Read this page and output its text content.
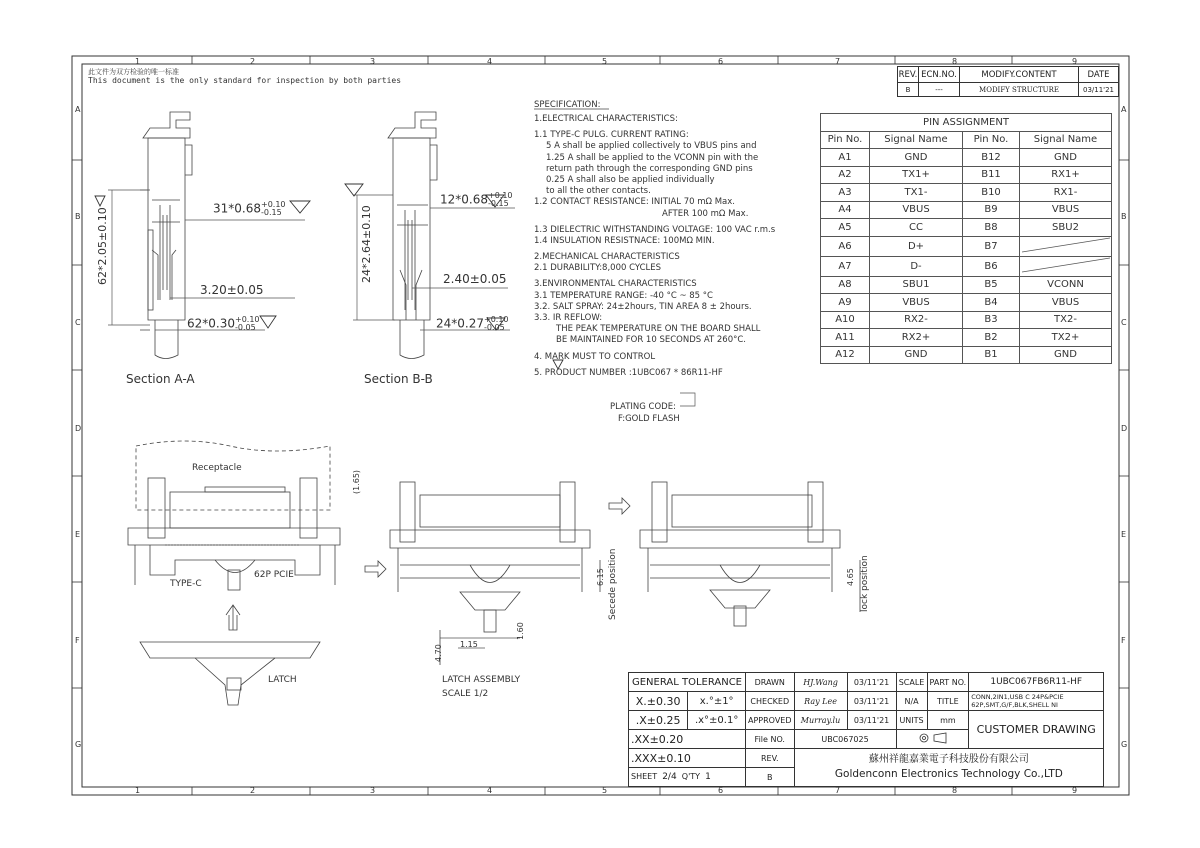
此文件为双方检验的唯一标准
This document is the only standard for inspection by both parties
REV.	ECN.NO.	MODIFY.CONTENT	DATE
B	---	MODIFY STRUCTURE	03/11'21
PIN ASSIGNMENT			
Pin No.	Signal Name	Pin No.	Signal Name
A1	GND	B12	GND
A2	TX1+	B11	RX1+
A3	TX1-	B10	RX1-
A4	VBUS	B9	VBUS
A5	CC	B8	SBU2
A6	D+	B7	
A7	D-	B6	
A8	SBU1	B5	VCONN
A9	VBUS	B4	VBUS
A10	RX2-	B3	TX2-
A11	RX2+	B2	TX2+
A12	GND	B1	GND
SPECIFICATION:
1.ELECTRICAL CHARACTERISTICS:
1.1 TYPE-C PULG. CURRENT RATING:
5 A shall be applied collectively to VBUS pins and
1.25 A shall be applied to the VCONN pin with the
return path through the corresponding GND pins
0.25 A shall also be applied individually
to all the other contacts.
1.2 CONTACT RESISTANCE: INITIAL 70 mΩ Max.
AFTER 100 mΩ Max.
1.3 DIELECTRIC WITHSTANDING VOLTAGE: 100 VAC r.m.s
1.4 INSULATION RESISTNACE: 100MΩ MIN.
2.MECHANICAL CHARACTERISTICS
2.1 DURABILITY:8,000 CYCLES
3.ENVIRONMENTAL CHARACTERISTICS
3.1 TEMPERATURE RANGE: -40 °C ~ 85 °C
3.2. SALT SPRAY: 24±2hours, TIN AREA 8 ± 2hours.
3.3. IR REFLOW:
THE PEAK TEMPERATURE ON THE BOARD SHALL
BE MAINTAINED FOR 10 SECONDS AT 260°C.
4. MARK MUST TO CONTROL
5. PRODUCT NUMBER :1UBC067 * 86R11-HF
PLATING CODE:
F:GOLD FLASH
Section A-A	Section B-B
31*0.68+0.10
-0.15
62*2.05±0.10
3.20±0.05
62*0.30+0.10
-0.05
12*0.68+0.10
-0.15
24*2.64±0.10	2.40±0.05
24*0.27+0.10
-0.05
Receptacle
TYPE-C
62P PCIE
LATCH
(1.65)
LATCH ASSEMBLY
SCALE 1/2
1.15
1.60
4.70
6.15 Secede position	4.65 lock position
GENERAL TOLERANCE		DRAWN	HJ.Wang	03/11'21	SCALE	PART NO.	1UBC067FB6R11-HF
X.±0.30	x.°±1°	CHECKED	Ray Lee	03/11'21	N/A	TITLE	CONN,2IN1,USB C 24P&PCIE
62P,SMT,G/F,BLK,SHELL NI
.X±0.25	.x°±0.1°	APPROVED	Murray.lu	03/11'21	UNITS	mm	CUSTOMER DRAWING
.XX±0.20		File NO.	UBC067025	
.XXX±0.10		REV.	蘇州祥龍嘉業電子科技股份有限公司
Goldenconn Electronics Technology Co.,LTD				
SHEET 2/4 Q'TY 1		B					
1
1
2
2
3
3
4
4
5
5
6
6
7
7
8
8
9
9
A	A
B	B
C	C
D	D
E	E
F	F
G	G
